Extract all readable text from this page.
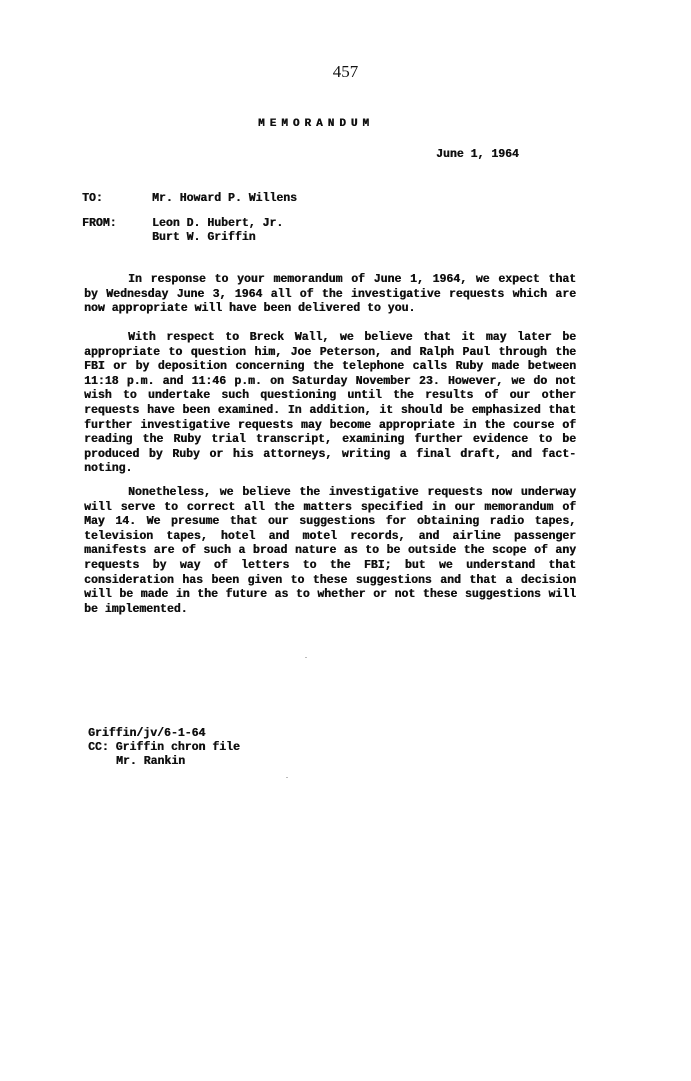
457
MEMORANDUM
June 1, 1964
TO:	Mr. Howard P. Willens
FROM:	Leon D. Hubert, Jr.
Burt W. Griffin

In response to your memorandum of June 1, 1964, we expect that by Wednesday June 3, 1964 all of the investigative requests which are now appropriate will have been delivered to you.

With respect to Breck Wall, we believe that it may later be appropriate to question him, Joe Peterson, and Ralph Paul through the FBI or by deposition concerning the telephone calls Ruby made between 11:18 p.m. and 11:46 p.m. on Saturday November 23. However, we do not wish to undertake such questioning until the results of our other requests have been examined. In addition, it should be emphasized that further investigative requests may become appropriate in the course of reading the Ruby trial transcript, examining further evidence to be produced by Ruby or his attorneys, writing a final draft, and fact-noting.

Nonetheless, we believe the investigative requests now underway will serve to correct all the matters specified in our memorandum of May 14. We presume that our suggestions for obtaining radio tapes, television tapes, hotel and motel records, and airline passenger manifests are of such a broad nature as to be outside the scope of any requests by way of letters to the FBI; but we understand that consideration has been given to these suggestions and that a decision will be made in the future as to whether or not these suggestions will be implemented.

Griffin/jv/6-1-64
CC: Griffin chron file
Mr. Rankin
